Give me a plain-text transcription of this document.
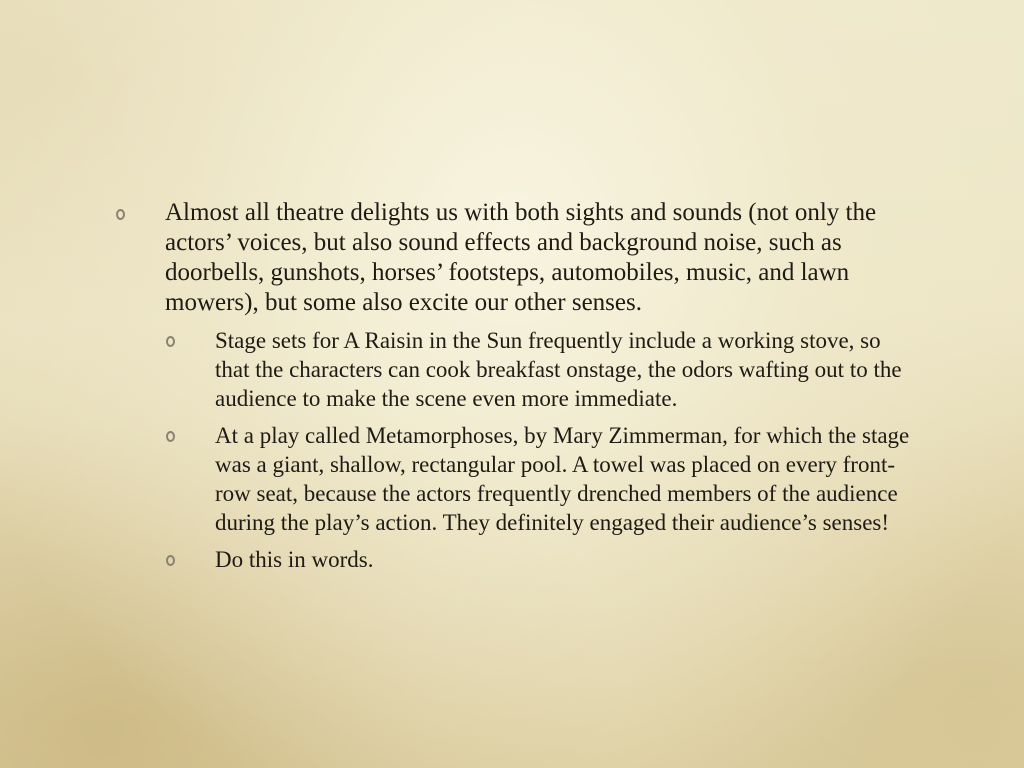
Almost all theatre delights us with both sights and sounds (not only the actors’ voices, but also sound effects and background noise, such as doorbells, gunshots, horses’ footsteps, automobiles, music, and lawn mowers), but some also excite our other senses.
Stage sets for A Raisin in the Sun frequently include a working stove, so that the characters can cook breakfast onstage, the odors wafting out to the audience to make the scene even more immediate.
At a play called Metamorphoses, by Mary Zimmerman, for which the stage was a giant, shallow, rectangular pool. A towel was placed on every front-row seat, because the actors frequently drenched members of the audience during the play’s action. They definitely engaged their audience’s senses!
Do this in words.
